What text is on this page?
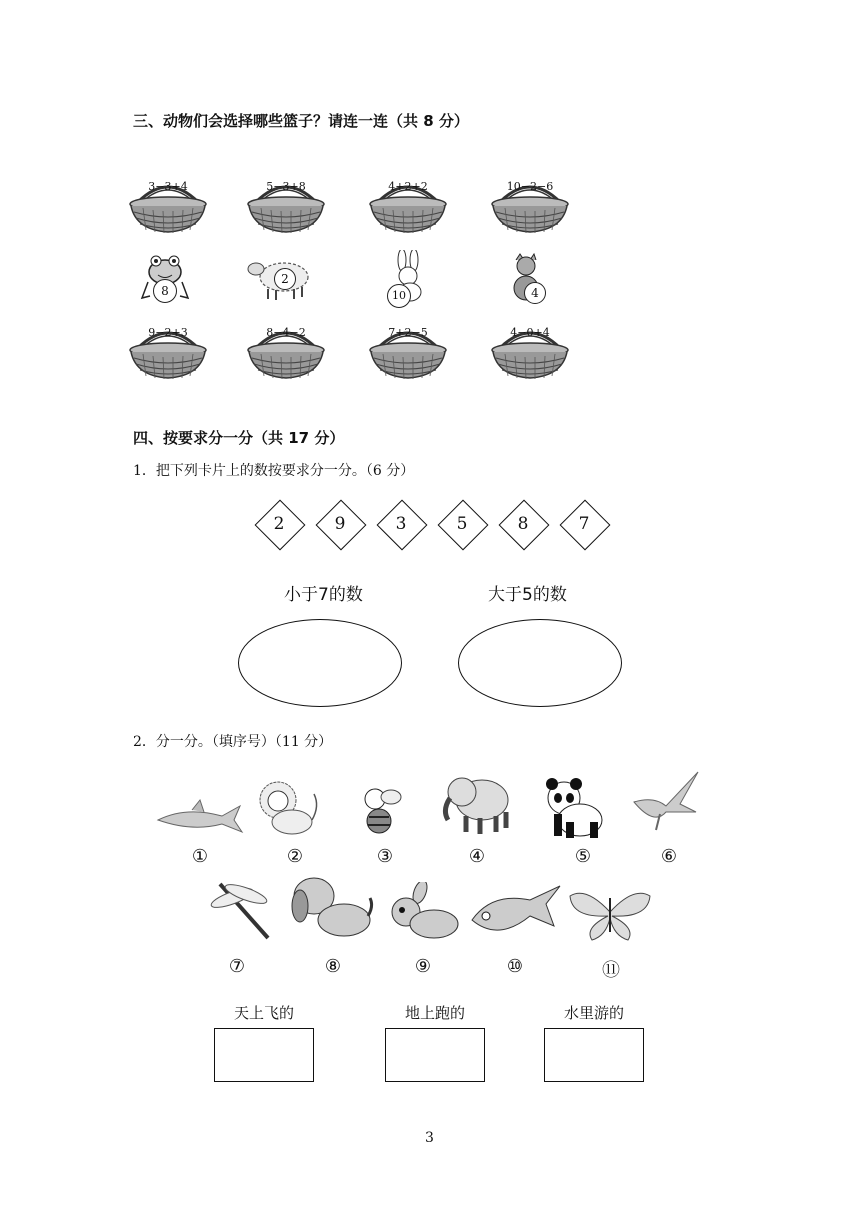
三、动物们会选择哪些篮子？请连一连（共 8 分）
3−3+4	5−3+8	4+2+2	10−2−6
8
2
10	4
9−2+3	8−4−2	7+2−5	4−0+4
四、按要求分一分（共 17 分）
1．把下列卡片上的数按要求分一分。（6 分）
2	9	3	5	8	7
小于7的数	大于5的数
2．分一分。（填序号）（11 分）
①	②	③	④	⑤	⑥
⑦	⑧	⑨	⑩	⑪
天上飞的	地上跑的	水里游的
3
